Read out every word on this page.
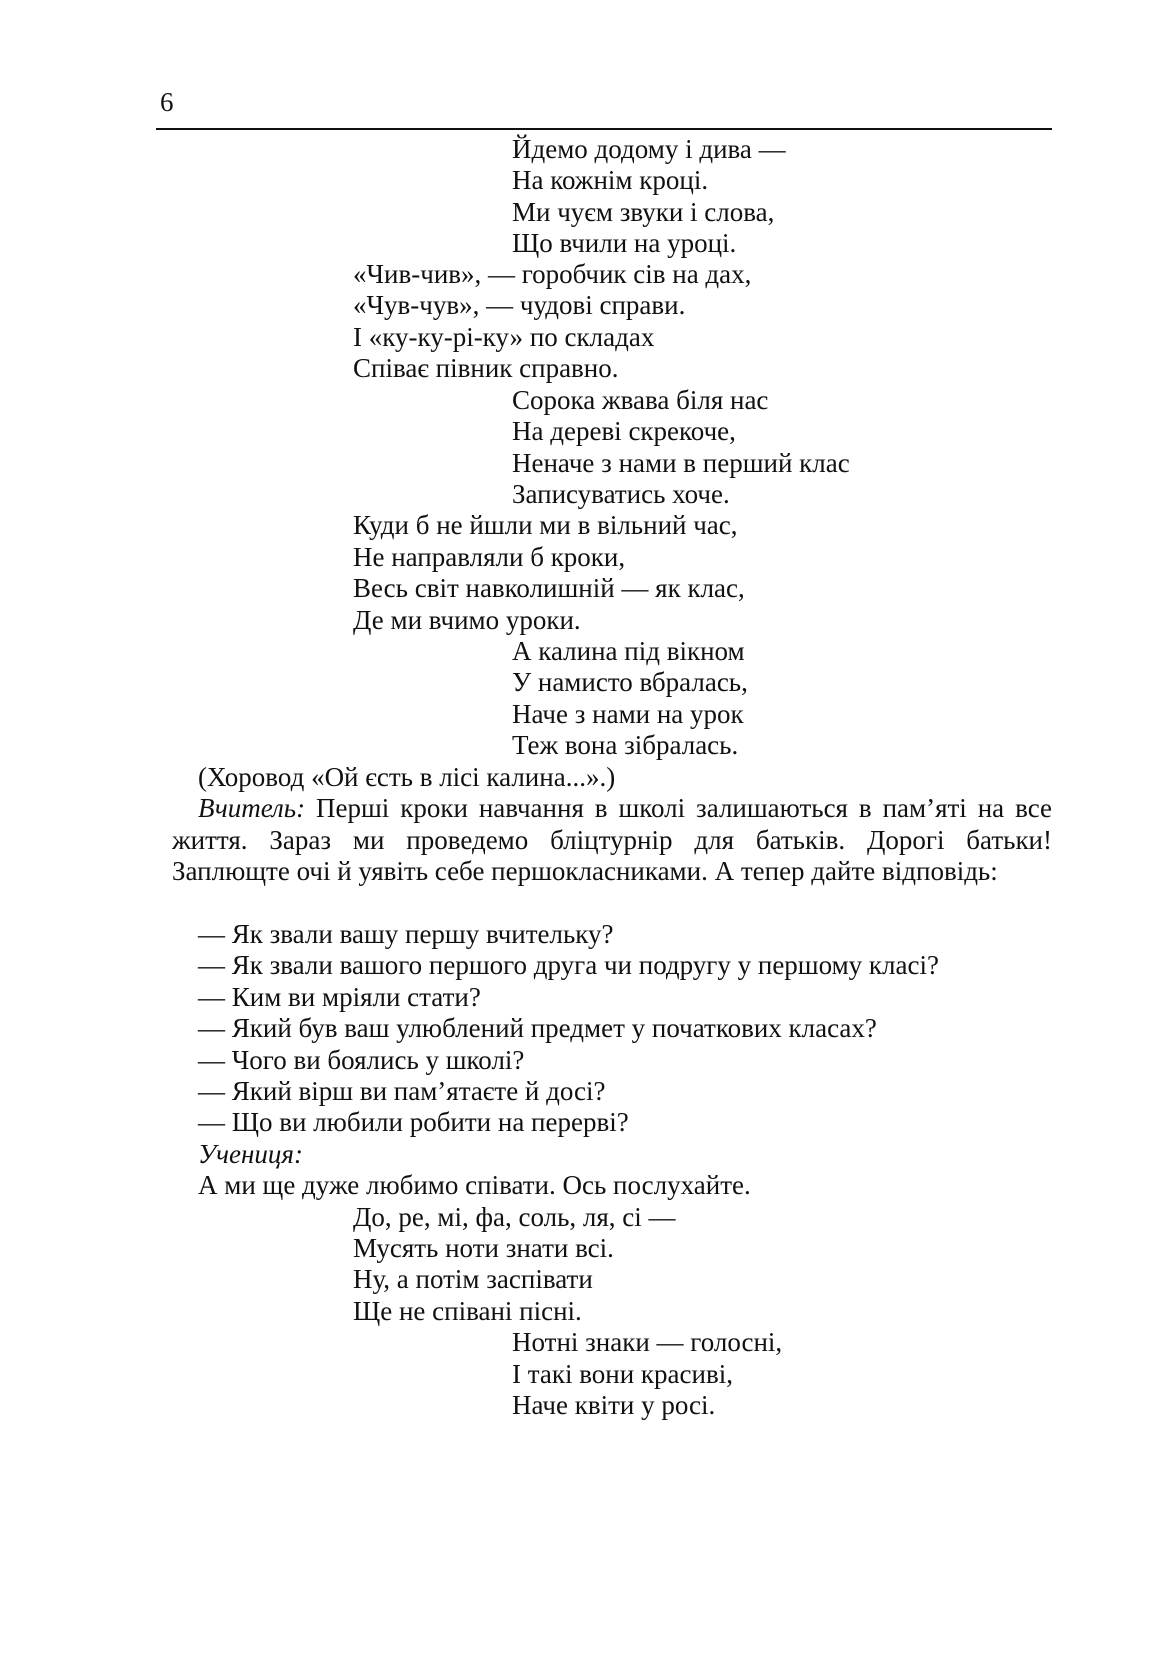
6
Йдемо додому і дива —
На кожнім кроці.
Ми чуєм звуки і слова,
Що вчили на уроці.
«Чив-чив», — горобчик сів на дах,
«Чув-чув», — чудові справи.
І «ку-ку-рі-ку» по складах
Співає півник справно.
Сорока жвава біля нас
На дереві скрекоче,
Неначе з нами в перший клас
Записуватись хоче.
Куди б не йшли ми в вільний час,
Не направляли б кроки,
Весь світ навколишній — як клас,
Де ми вчимо уроки.
А калина під вікном
У намисто вбралась,
Наче з нами на урок
Теж вона зібралась.
(Хоровод «Ой єсть в лісі калина...».)
Вчитель: Перші кроки навчання в школі залишаються в пам’яті на все життя. Зараз ми проведемо бліцтурнір для батьків. Дорогі батьки! Заплющте очі й уявіть себе першокласниками. А тепер дайте відповідь:
— Як звали вашу першу вчительку?
— Як звали вашого першого друга чи подругу у першому класі?
— Ким ви мріяли стати?
— Який був ваш улюблений предмет у початкових класах?
— Чого ви боялись у школі?
— Який вірш ви пам’ятаєте й досі?
— Що ви любили робити на перерві?
Учениця:
А ми ще дуже любимо співати. Ось послухайте.
До, ре, мі, фа, соль, ля, сі —
Мусять ноти знати всі.
Ну, а потім заспівати
Ще не співані пісні.
Нотні знаки — голосні,
І такі вони красиві,
Наче квіти у росі.
